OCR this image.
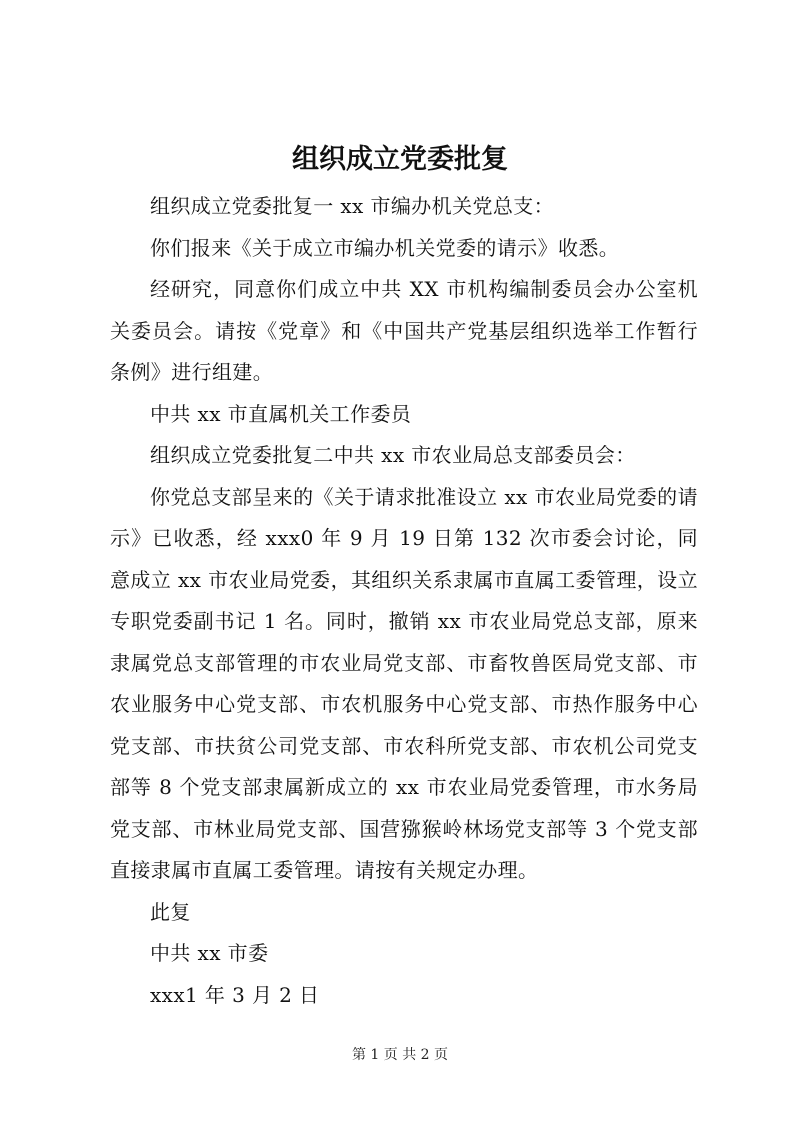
组织成立党委批复

组织成立党委批复一 xx 市编办机关党总支：

你们报来《关于成立市编办机关党委的请示》收悉。

经研究，同意你们成立中共 XX 市机构编制委员会办公室机关委员会。请按《党章》和《中国共产党基层组织选举工作暂行条例》进行组建。

中共 xx 市直属机关工作委员

组织成立党委批复二中共 xx 市农业局总支部委员会：

你党总支部呈来的《关于请求批准设立 xx 市农业局党委的请示》已收悉，经 xxx0 年 9 月 19 日第 132 次市委会讨论，同意成立 xx 市农业局党委，其组织关系隶属市直属工委管理，设立专职党委副书记 1 名。同时，撤销 xx 市农业局党总支部，原来隶属党总支部管理的市农业局党支部、市畜牧兽医局党支部、市农业服务中心党支部、市农机服务中心党支部、市热作服务中心党支部、市扶贫公司党支部、市农科所党支部、市农机公司党支部等 8 个党支部隶属新成立的 xx 市农业局党委管理，市水务局党支部、市林业局党支部、国营猕猴岭林场党支部等 3 个党支部直接隶属市直属工委管理。请按有关规定办理。

此复

中共 xx 市委

xxx1 年 3 月 2 日

第 1 页 共 2 页
